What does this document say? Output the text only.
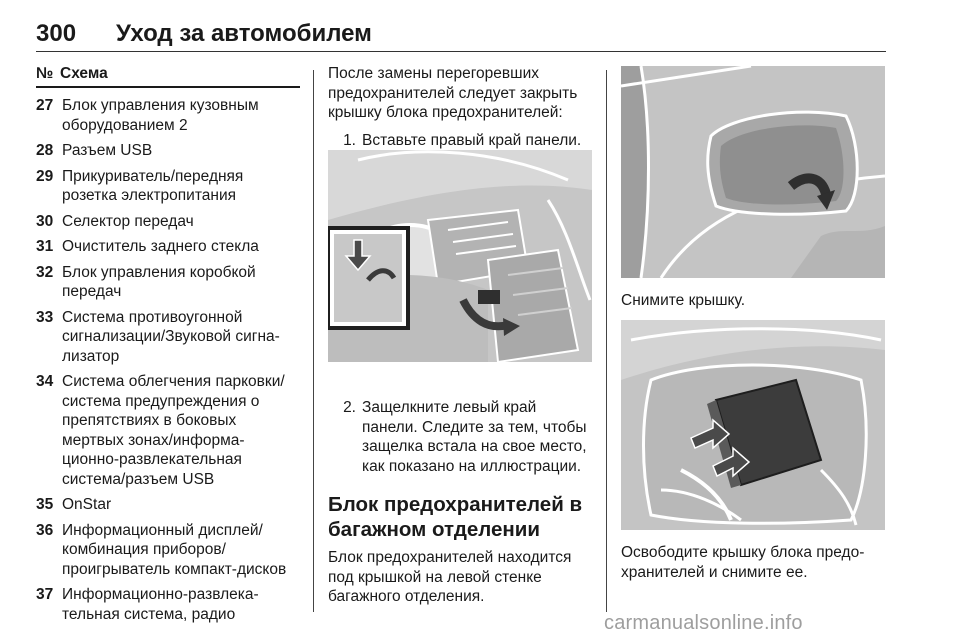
300 Уход за автомобилем
№ Схема
27 Блок управления кузовным оборудованием 2
28 Разъем USB
29 Прикуриватель/передняя розетка электропитания
30 Селектор передач
31 Очиститель заднего стекла
32 Блок управления коробкой передач
33 Система противоугонной сигнализации/Звуковой сигна-лизатор
34 Система облегчения парковки/система предупреждения о препятствиях в боковых мертвых зонах/информа-ционно-развлекательная система/разъем USB
35 OnStar
36 Информационный дисплей/комбинация приборов/проигрыватель компакт-дисков
37 Информационно-развлека-тельная система, радио
После замены перегоревших предохранителей следует закрыть крышку блока предохранителей:
1. Вставьте правый край панели.
2. Защелкните левый край панели. Следите за тем, чтобы защелка встала на свое место, как показано на иллюстрации.
Блок предохранителей в багажном отделении
Блок предохранителей находится под крышкой на левой стенке багажного отделения.
Снимите крышку.
Освободите крышку блока предо-хранителей и снимите ее.
carmanualsonline.info
